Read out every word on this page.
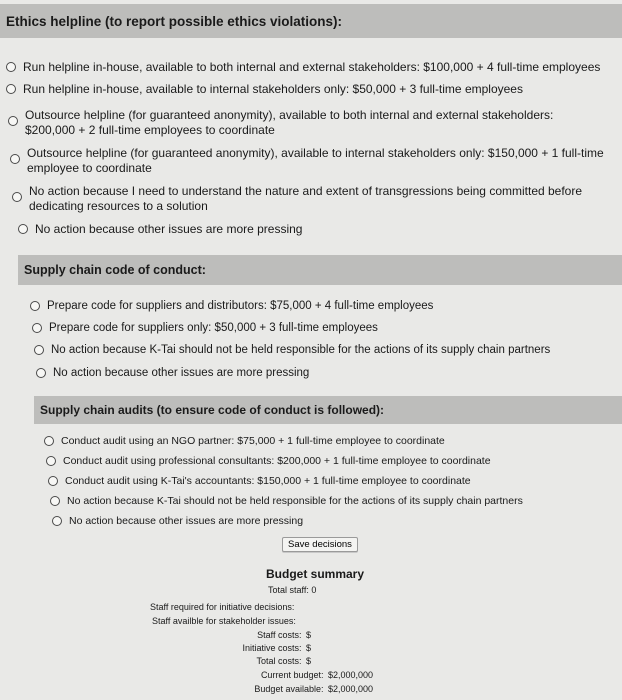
Ethics helpline (to report possible ethics violations):
Run helpline in-house, available to both internal and external stakeholders: $100,000 + 4 full-time employees
Run helpline in-house, available to internal stakeholders only: $50,000 + 3 full-time employees
Outsource helpline (for guaranteed anonymity), available to both internal and external stakeholders: $200,000 + 2 full-time employees to coordinate
Outsource helpline (for guaranteed anonymity), available to internal stakeholders only: $150,000 + 1 full-time employee to coordinate
No action because I need to understand the nature and extent of transgressions being committed before dedicating resources to a solution
No action because other issues are more pressing
Supply chain code of conduct:
Prepare code for suppliers and distributors: $75,000 + 4 full-time employees
Prepare code for suppliers only: $50,000 + 3 full-time employees
No action because K-Tai should not be held responsible for the actions of its supply chain partners
No action because other issues are more pressing
Supply chain audits (to ensure code of conduct is followed):
Conduct audit using an NGO partner: $75,000 + 1 full-time employee to coordinate
Conduct audit using professional consultants: $200,000 + 1 full-time employee to coordinate
Conduct audit using K-Tai's accountants: $150,000 + 1 full-time employee to coordinate
No action because K-Tai should not be held responsible for the actions of its supply chain partners
No action because other issues are more pressing
Save decisions
Budget summary
Total staff: 0
Staff required for initiative decisions:
Staff availble for stakeholder issues:
Staff costs: $
Initiative costs: $
Total costs: $
Current budget: $2,000,000
Budget available: $2,000,000
